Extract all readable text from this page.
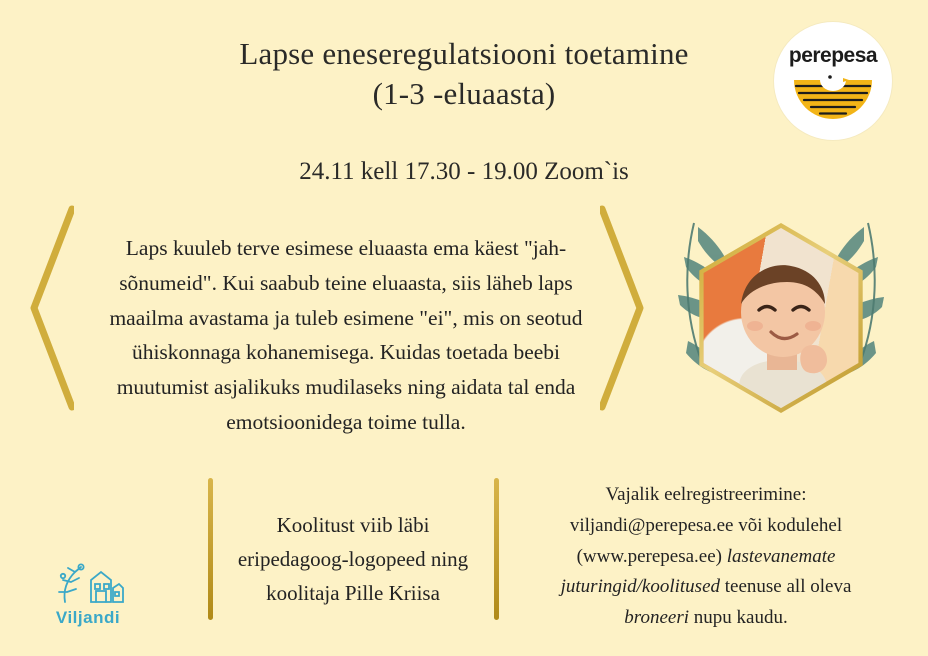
Lapse eneseregulatsiooni toetamine
(1-3 -eluaasta)
24.11 kell 17.30 - 19.00 Zoom`is
perepesa
Laps kuuleb terve esimese eluaasta ema käest "jah-sõnumeid". Kui saabub teine eluaasta, siis läheb laps maailma avastama ja tuleb esimene "ei", mis on seotud ühiskonnaga kohanemisega. Kuidas toetada beebi muutumist asjalikuks mudilaseks ning aidata tal enda emotsioonidega toime tulla.
Koolitust viib läbi eripedagoog-logopeed ning koolitaja Pille Kriisa
Vajalik eelregistreerimine:
viljandi@perepesa.ee või kodulehel
(www.perepesa.ee) lastevanemate
juturingid/koolitused teenuse all oleva
broneeri nupu kaudu.
Viljandi
